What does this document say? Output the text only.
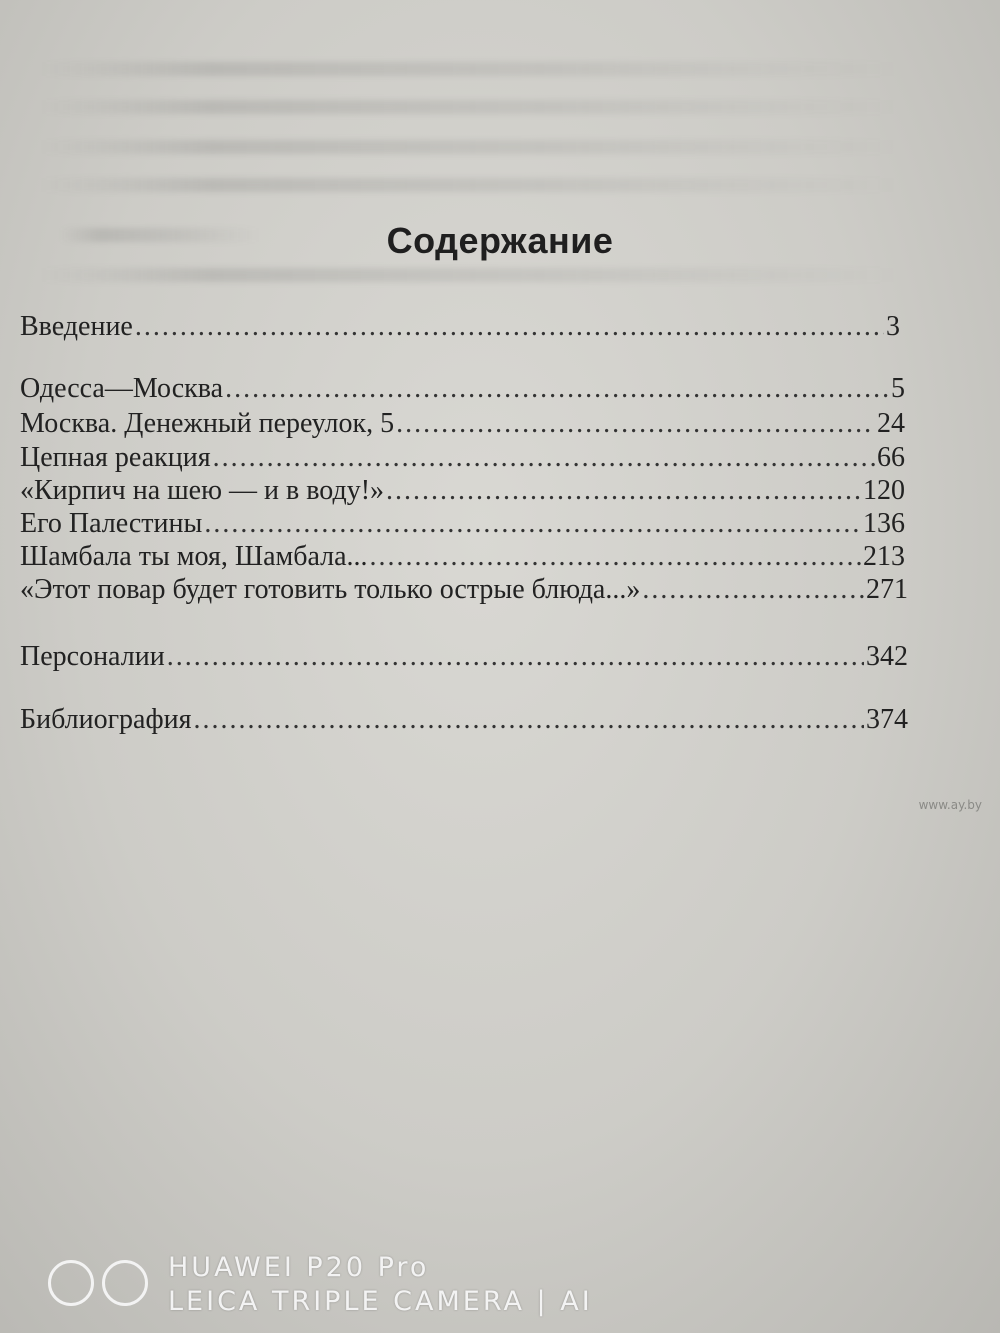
Содержание
Введение .....	3
Одесса—Москва .....	5
Москва. Денежный переулок, 5 .....	24
Цепная реакция .....	66
«Кирпич на шею — и в воду!» .....	120
Его Палестины .....	136
Шамбала ты моя, Шамбала... .....	213
«Этот повар будет готовить только острые блюда...» .....	271
Персоналии .....	342
Библиография .....	374
www.ay.by
HUAWEI P20 Pro
LEICA TRIPLE CAMERA | AI
